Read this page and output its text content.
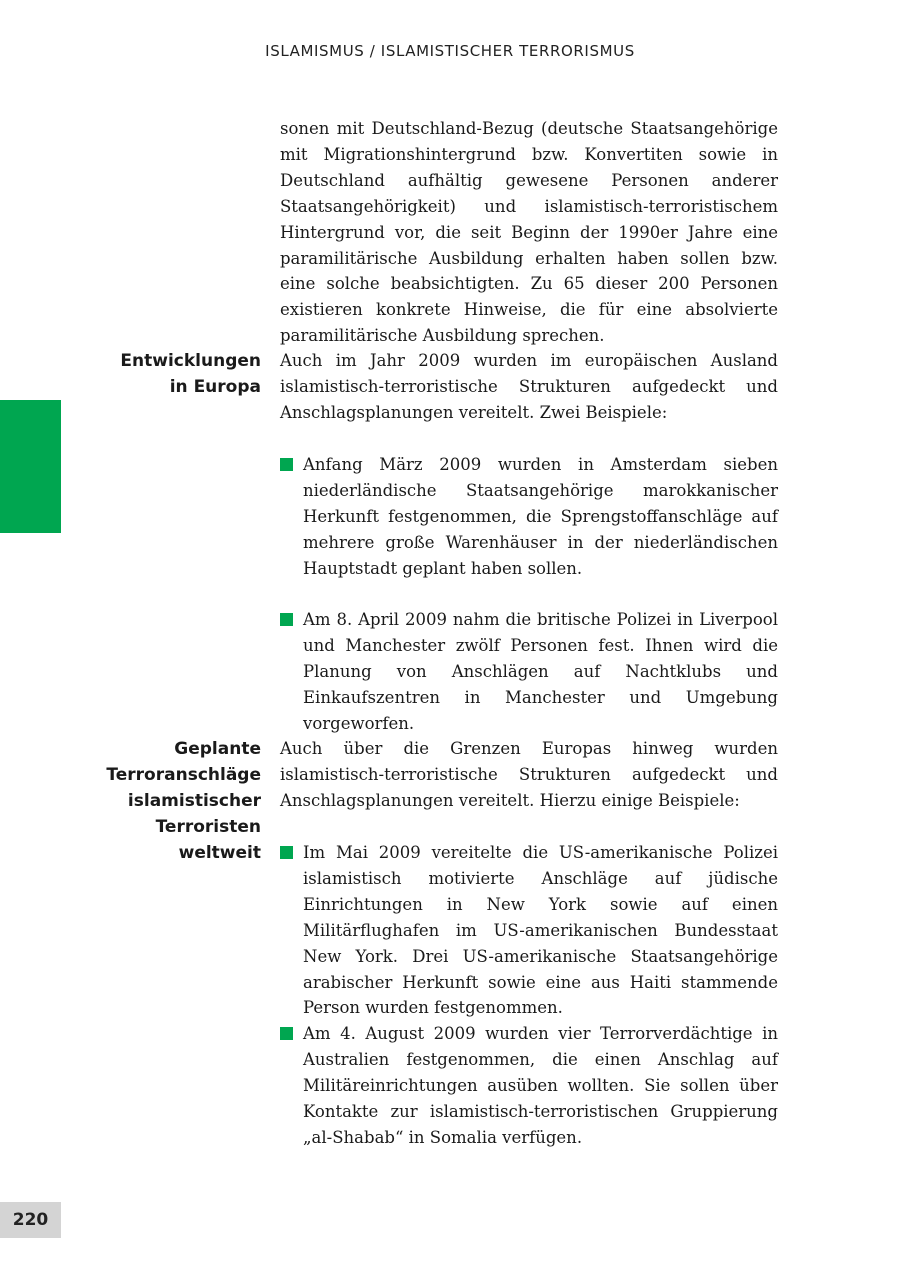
ISLAMISMUS / ISLAMISTISCHER TERRORISMUS
sonen mit Deutschland-Bezug (deutsche Staatsangehörige mit Migrationshintergrund bzw. Konvertiten sowie in Deutschland aufhältig gewesene Personen anderer Staatsangehörigkeit) und islamistisch-terroristischem Hintergrund vor, die seit Beginn der 1990er Jahre eine paramilitärische Ausbildung erhalten haben sollen bzw. eine solche beabsichtigten. Zu 65 dieser 200 Personen existieren konkrete Hinweise, die für eine absolvierte paramilitärische Ausbildung sprechen.
Entwicklungen
in Europa
Auch im Jahr 2009 wurden im europäischen Ausland islamistisch-terroristische Strukturen aufgedeckt und Anschlagsplanungen vereitelt. Zwei Beispiele:
Anfang März 2009 wurden in Amsterdam sieben niederländische Staatsangehörige marokkanischer Herkunft festgenommen, die Sprengstoffanschläge auf mehrere große Warenhäuser in der niederländischen Hauptstadt geplant haben sollen.
Am 8. April 2009 nahm die britische Polizei in Liverpool und Manchester zwölf Personen fest. Ihnen wird die Planung von Anschlägen auf Nachtklubs und Einkaufszentren in Manchester und Umgebung vorgeworfen.
Geplante
Terroranschläge
islamistischer
Terroristen
weltweit
Auch über die Grenzen Europas hinweg wurden islamistisch-terroristische Strukturen aufgedeckt und Anschlagsplanungen vereitelt. Hierzu einige Beispiele:
Im Mai 2009 vereitelte die US-amerikanische Polizei islamistisch motivierte Anschläge auf jüdische Einrichtungen in New York sowie auf einen Militärflughafen im US-amerikanischen Bundesstaat New York. Drei US-amerikanische Staatsangehörige arabischer Herkunft sowie eine aus Haiti stammende Person wurden festgenommen.
Am 4. August 2009 wurden vier Terrorverdächtige in Australien festgenommen, die einen Anschlag auf Militäreinrichtungen ausüben wollten. Sie sollen über Kontakte zur islamistisch-terroristischen Gruppierung „al-Shabab“ in Somalia verfügen.
220
